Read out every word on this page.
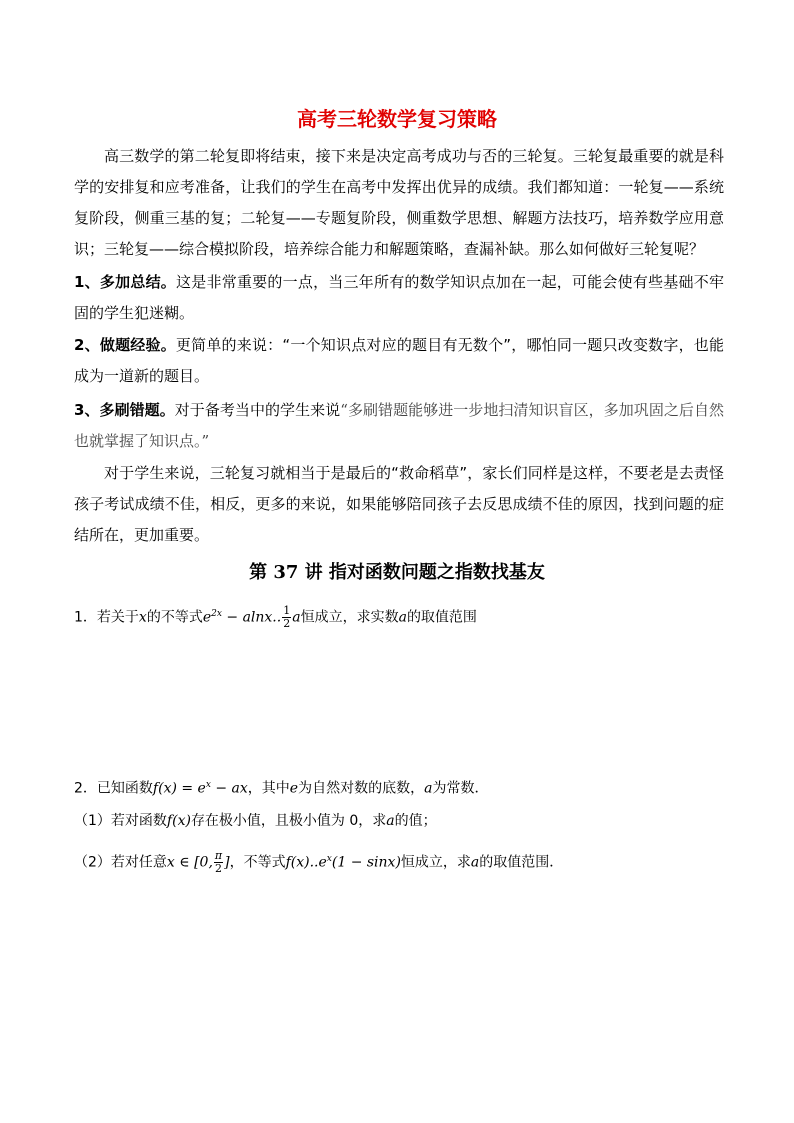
高考三轮数学复习策略
高三数学的第二轮复即将结束，接下来是决定高考成功与否的三轮复。三轮复最重要的就是科学的安排复和应考准备，让我们的学生在高考中发挥出优异的成绩。我们都知道：一轮复——系统复阶段，侧重三基的复；二轮复——专题复阶段，侧重数学思想、解题方法技巧，培养数学应用意识；三轮复——综合模拟阶段，培养综合能力和解题策略，查漏补缺。那么如何做好三轮复呢？
1、多加总结。这是非常重要的一点，当三年所有的数学知识点加在一起，可能会使有些基础不牢固的学生犯迷糊。
2、做题经验。更简单的来说：“一个知识点对应的题目有无数个”，哪怕同一题只改变数字，也能成为一道新的题目。
3、多刷错题。对于备考当中的学生来说“多刷错题能够进一步地扫清知识盲区，多加巩固之后自然也就掌握了知识点。”
对于学生来说，三轮复习就相当于是最后的“救命稻草”，家长们同样是这样，不要老是去责怪孩子考试成绩不佳，相反，更多的来说，如果能够陪同孩子去反思成绩不佳的原因，找到问题的症结所在，更加重要。
第 37 讲 指对函数问题之指数找基友
1．若关于x的不等式$e^{2x} - alnx$.. $\frac{1}{2}$ a恒成立，求实数a的取值范围
2．已知函数$f(x) = e^x$ − ax，其中e为自然对数的底数，a为常数．
（1）若对函数f(x)存在极小值，且极小值为 0，求a的值；
（2）若对任意x ∈ [0, $\frac{\pi}{2}$ ]，不等式$f(x)..e^x(1 - \sin x)$恒成立，求a的取值范围．
